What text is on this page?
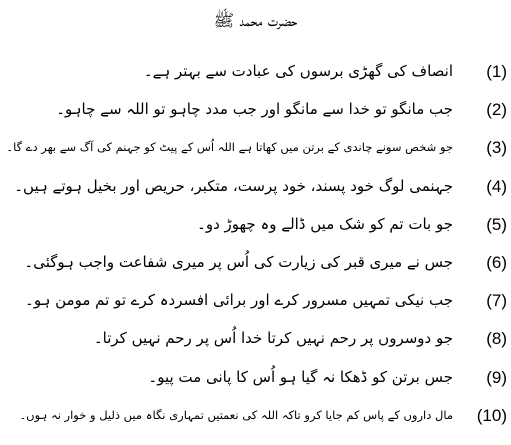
حضرت محمد ﷺ
(1)
انصاف کی گھڑی برسوں کی عبادت سے بہتر ہے۔
(2)
جب مانگو تو خدا سے مانگو اور جب مدد چاہو تو اللہ سے چاہو۔
(3)
جو شخص سونے چاندی کے برتن میں کھاتا ہے اللہ اُس کے پیٹ کو جہنم کی آگ سے بھر دے گا۔
(4)
جہنمی لوگ خود پسند، خود پرست، متکبر، حریص اور بخیل ہوتے ہیں۔
(5)
جو بات تم کو شک میں ڈالے وہ چھوڑ دو۔
(6)
جس نے میری قبر کی زیارت کی اُس پر میری شفاعت واجب ہوگئی۔
(7)
جب نیکی تمہیں مسرور کرے اور برائی افسردہ کرے تو تم مومن ہو۔
(8)
جو دوسروں پر رحم نہیں کرتا خدا اُس پر رحم نہیں کرتا۔
(9)
جس برتن کو ڈھکا نہ گیا ہو اُس کا پانی مت پیو۔
(10)
مال داروں کے پاس کم جایا کرو تاکہ اللہ کی نعمتیں تمہاری نگاہ میں ذلیل و خوار نہ ہوں۔
